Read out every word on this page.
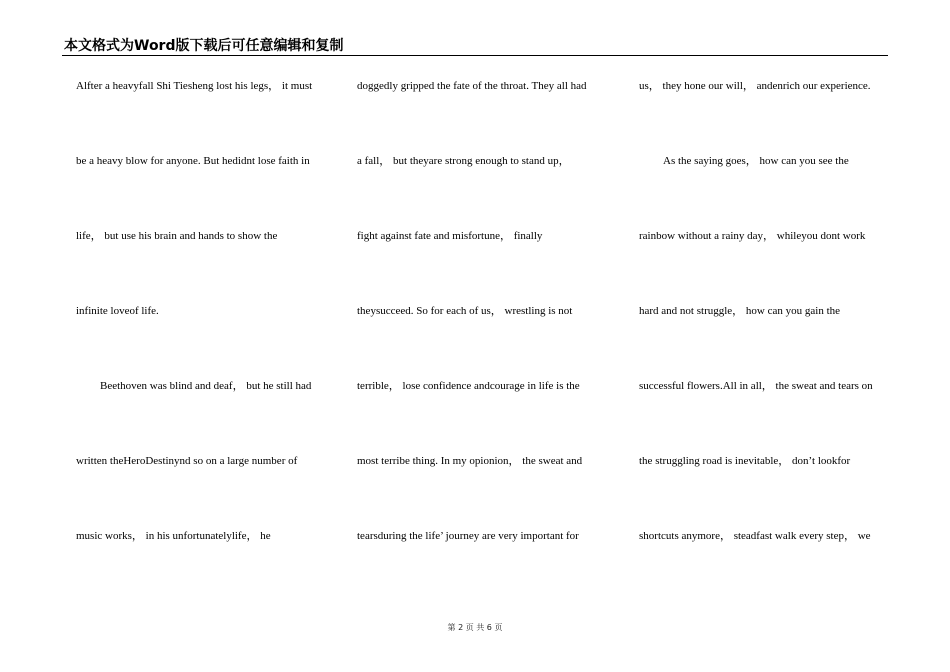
本文格式为Word版下载后可任意编辑和复制
Alfter a heavyfall Shi Tiesheng lost his legs， it must
be a heavy blow for anyone. But hedidnt lose faith in
life， but use his brain and hands to show the
infinite loveof life.
Beethoven was blind and deaf， but he still had
written theHeroDestinynd so on a large number of
music works， in his unfortunatelylife， he
doggedly gripped the fate of the throat. They all had
a fall， but theyare strong enough to stand up，
fight against fate and misfortune， finally
theysucceed. So for each of us， wrestling is not
terrible， lose confidence andcourage in life is the
most terribe thing. In my opionion， the sweat and
tearsduring the life’ journey are very important for
us， they hone our will， andenrich our experience.
As the saying goes， how can you see the
rainbow without a rainy day， whileyou dont work
hard and not struggle， how can you gain the
successful flowers.All in all， the sweat and tears on
the struggling road is inevitable， don’t lookfor
shortcuts anymore， steadfast walk every step， we
第 2 页 共 6 页
